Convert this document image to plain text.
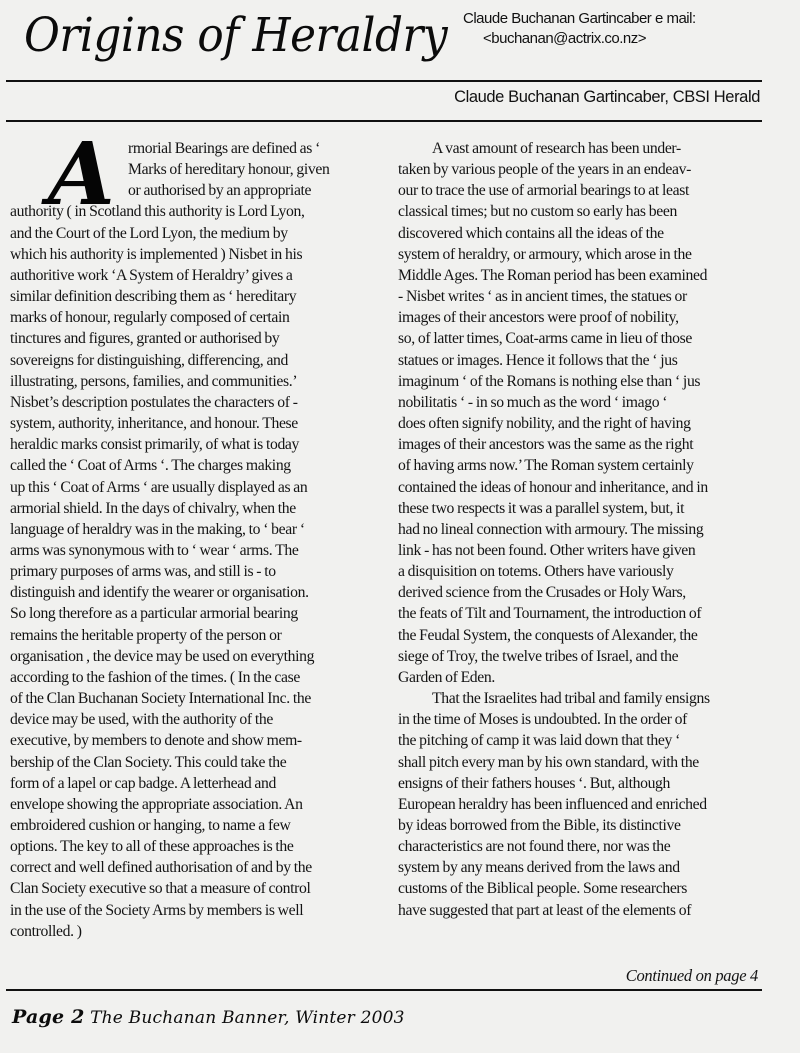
Origins of Heraldry Claude Buchanan Gartincaber e mail:
<buchanan@actrix.co.nz>
Claude Buchanan Gartincaber, CBSI Herald
A rmorial Bearings are defined as ‘
Marks of hereditary honour, given
or authorised by an appropriate
authority ( in Scotland this authority is Lord Lyon,
and the Court of the Lord Lyon, the medium by
which his authority is implemented ) Nisbet in his
authoritive work ‘A System of Heraldry’ gives a
similar definition describing them as ‘ hereditary
marks of honour, regularly composed of certain
tinctures and figures, granted or authorised by
sovereigns for distinguishing, differencing, and
illustrating, persons, families, and communities.’
Nisbet’s description postulates the characters of -
system, authority, inheritance, and honour. These
heraldic marks consist primarily, of what is today
called the ‘ Coat of Arms ‘. The charges making
up this ‘ Coat of Arms ‘ are usually displayed as an
armorial shield. In the days of chivalry, when the
language of heraldry was in the making, to ‘ bear ‘
arms was synonymous with to ‘ wear ‘ arms. The
primary purposes of arms was, and still is - to
distinguish and identify the wearer or organisation.
So long therefore as a particular armorial bearing
remains the heritable property of the person or
organisation , the device may be used on everything
according to the fashion of the times. ( In the case
of the Clan Buchanan Society International Inc. the
device may be used, with the authority of the
executive, by members to denote and show mem-
bership of the Clan Society. This could take the
form of a lapel or cap badge. A letterhead and
envelope showing the appropriate association. An
embroidered cushion or hanging, to name a few
options. The key to all of these approaches is the
correct and well defined authorisation of and by the
Clan Society executive so that a measure of control
in the use of the Society Arms by members is well
controlled. )
A vast amount of research has been under-
taken by various people of the years in an endeav-
our to trace the use of armorial bearings to at least
classical times; but no custom so early has been
discovered which contains all the ideas of the
system of heraldry, or armoury, which arose in the
Middle Ages. The Roman period has been examined
- Nisbet writes ‘ as in ancient times, the statues or
images of their ancestors were proof of nobility,
so, of latter times, Coat-arms came in lieu of those
statues or images. Hence it follows that the ‘ jus
imaginum ‘ of the Romans is nothing else than ‘ jus
nobilitatis ‘ - in so much as the word ‘ imago ‘
does often signify nobility, and the right of having
images of their ancestors was the same as the right
of having arms now.’ The Roman system certainly
contained the ideas of honour and inheritance, and in
these two respects it was a parallel system, but, it
had no lineal connection with armoury. The missing
link - has not been found. Other writers have given
a disquisition on totems. Others have variously
derived science from the Crusades or Holy Wars,
the feats of Tilt and Tournament, the introduction of
the Feudal System, the conquests of Alexander, the
siege of Troy, the twelve tribes of Israel, and the
Garden of Eden.
That the Israelites had tribal and family ensigns
in the time of Moses is undoubted. In the order of
the pitching of camp it was laid down that they ‘
shall pitch every man by his own standard, with the
ensigns of their fathers houses ‘. But, although
European heraldry has been influenced and enriched
by ideas borrowed from the Bible, its distinctive
characteristics are not found there, nor was the
system by any means derived from the laws and
customs of the Biblical people. Some researchers
have suggested that part at least of the elements of
Continued on page 4
Page 2 The Buchanan Banner, Winter 2003
